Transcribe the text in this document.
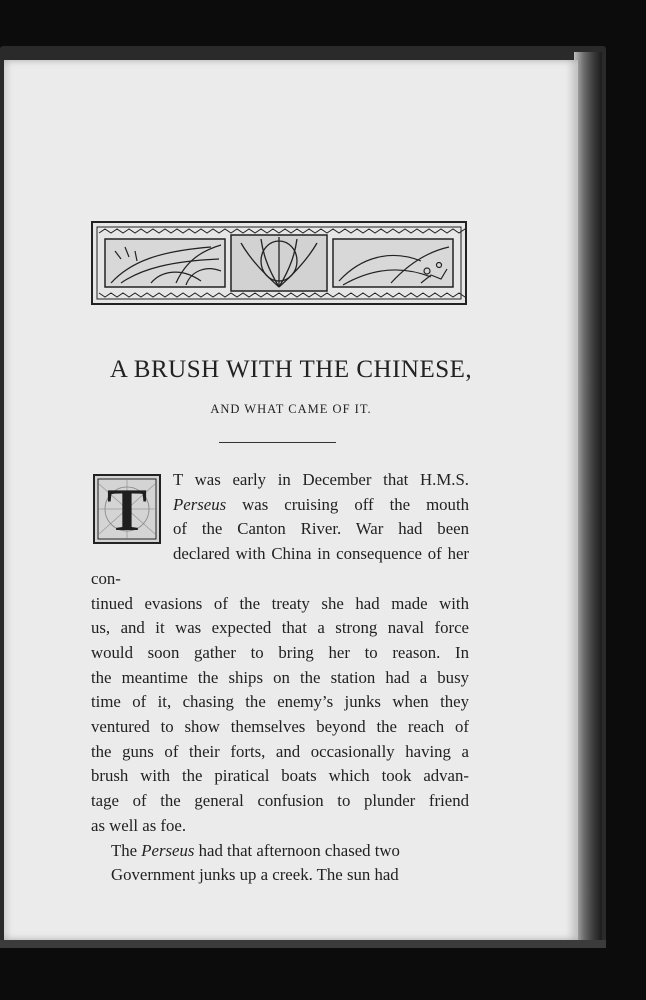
A BRUSH WITH THE CHINESE,
AND WHAT CAME OF IT.
T	T was early in December that H.M.S.
Perseus was cruising off the mouth
of the Canton River. War had been
declared with China in consequence of her con-
tinued evasions of the treaty she had made with
us, and it was expected that a strong naval force
would soon gather to bring her to reason. In
the meantime the ships on the station had a busy
time of it, chasing the enemy’s junks when they
ventured to show themselves beyond the reach of
the guns of their forts, and occasionally having a
brush with the piratical boats which took advan-
tage of the general confusion to plunder friend
as well as foe.

The Perseus had that afternoon chased two
Government junks up a creek. The sun had
